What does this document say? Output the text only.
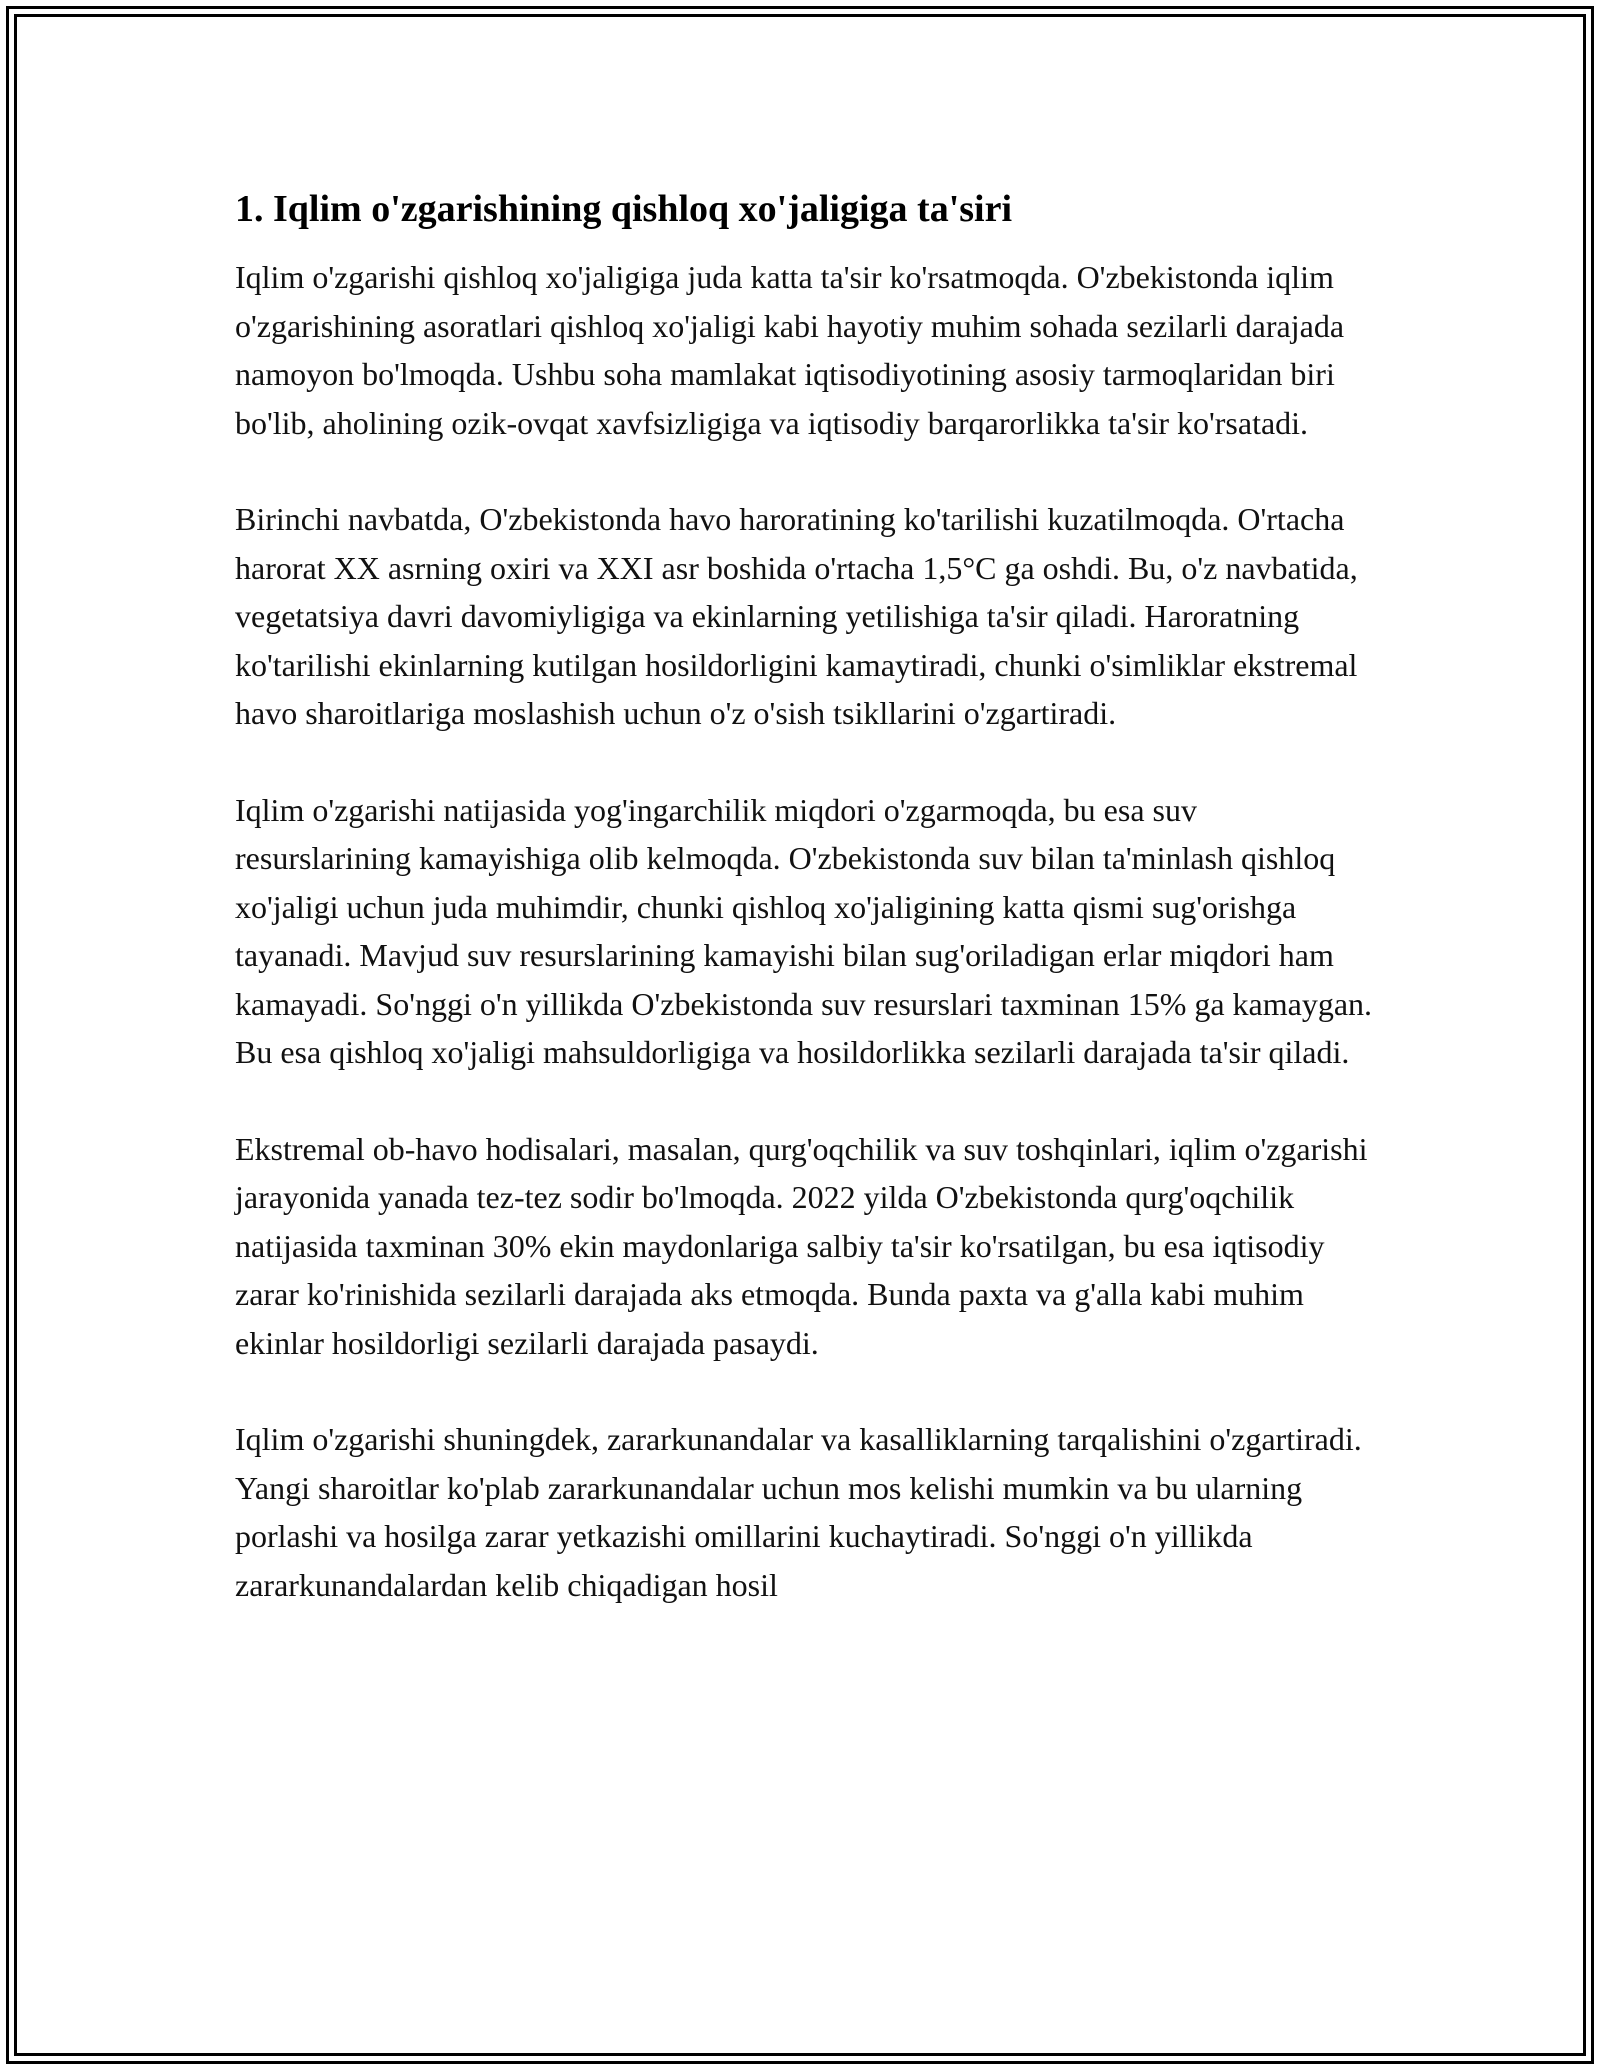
1. Iqlim o'zgarishining qishloq xo'jaligiga ta'siri

Iqlim o'zgarishi qishloq xo'jaligiga juda katta ta'sir ko'rsatmoqda. O'zbekistonda iqlim o'zgarishining asoratlari qishloq xo'jaligi kabi hayotiy muhim sohada sezilarli darajada namoyon bo'lmoqda. Ushbu soha mamlakat iqtisodiyotining asosiy tarmoqlaridan biri bo'lib, aholining ozik-ovqat xavfsizligiga va iqtisodiy barqarorlikka ta'sir ko'rsatadi.

Birinchi navbatda, O'zbekistonda havo haroratining ko'tarilishi kuzatilmoqda. O'rtacha harorat XX asrning oxiri va XXI asr boshida o'rtacha 1,5°C ga oshdi. Bu, o'z navbatida, vegetatsiya davri davomiyligiga va ekinlarning yetilishiga ta'sir qiladi. Haroratning ko'tarilishi ekinlarning kutilgan hosildorligini kamaytiradi, chunki o'simliklar ekstremal havo sharoitlariga moslashish uchun o'z o'sish tsikllarini o'zgartiradi.

Iqlim o'zgarishi natijasida yog'ingarchilik miqdori o'zgarmoqda, bu esa suv resurslarining kamayishiga olib kelmoqda. O'zbekistonda suv bilan ta'minlash qishloq xo'jaligi uchun juda muhimdir, chunki qishloq xo'jaligining katta qismi sug'orishga tayanadi. Mavjud suv resurslarining kamayishi bilan sug'oriladigan erlar miqdori ham kamayadi. So'nggi o'n yillikda O'zbekistonda suv resurslari taxminan 15% ga kamaygan. Bu esa qishloq xo'jaligi mahsuldorligiga va hosildorlikka sezilarli darajada ta'sir qiladi.

Ekstremal ob-havo hodisalari, masalan, qurg'oqchilik va suv toshqinlari, iqlim o'zgarishi jarayonida yanada tez-tez sodir bo'lmoqda. 2022 yilda O'zbekistonda qurg'oqchilik natijasida taxminan 30% ekin maydonlariga salbiy ta'sir ko'rsatilgan, bu esa iqtisodiy zarar ko'rinishida sezilarli darajada aks etmoqda. Bunda paxta va g'alla kabi muhim ekinlar hosildorligi sezilarli darajada pasaydi.

Iqlim o'zgarishi shuningdek, zararkunandalar va kasalliklarning tarqalishini o'zgartiradi. Yangi sharoitlar ko'plab zararkunandalar uchun mos kelishi mumkin va bu ularning porlashi va hosilga zarar yetkazishi omillarini kuchaytiradi. So'nggi o'n yillikda zararkunandalardan kelib chiqadigan hosil
